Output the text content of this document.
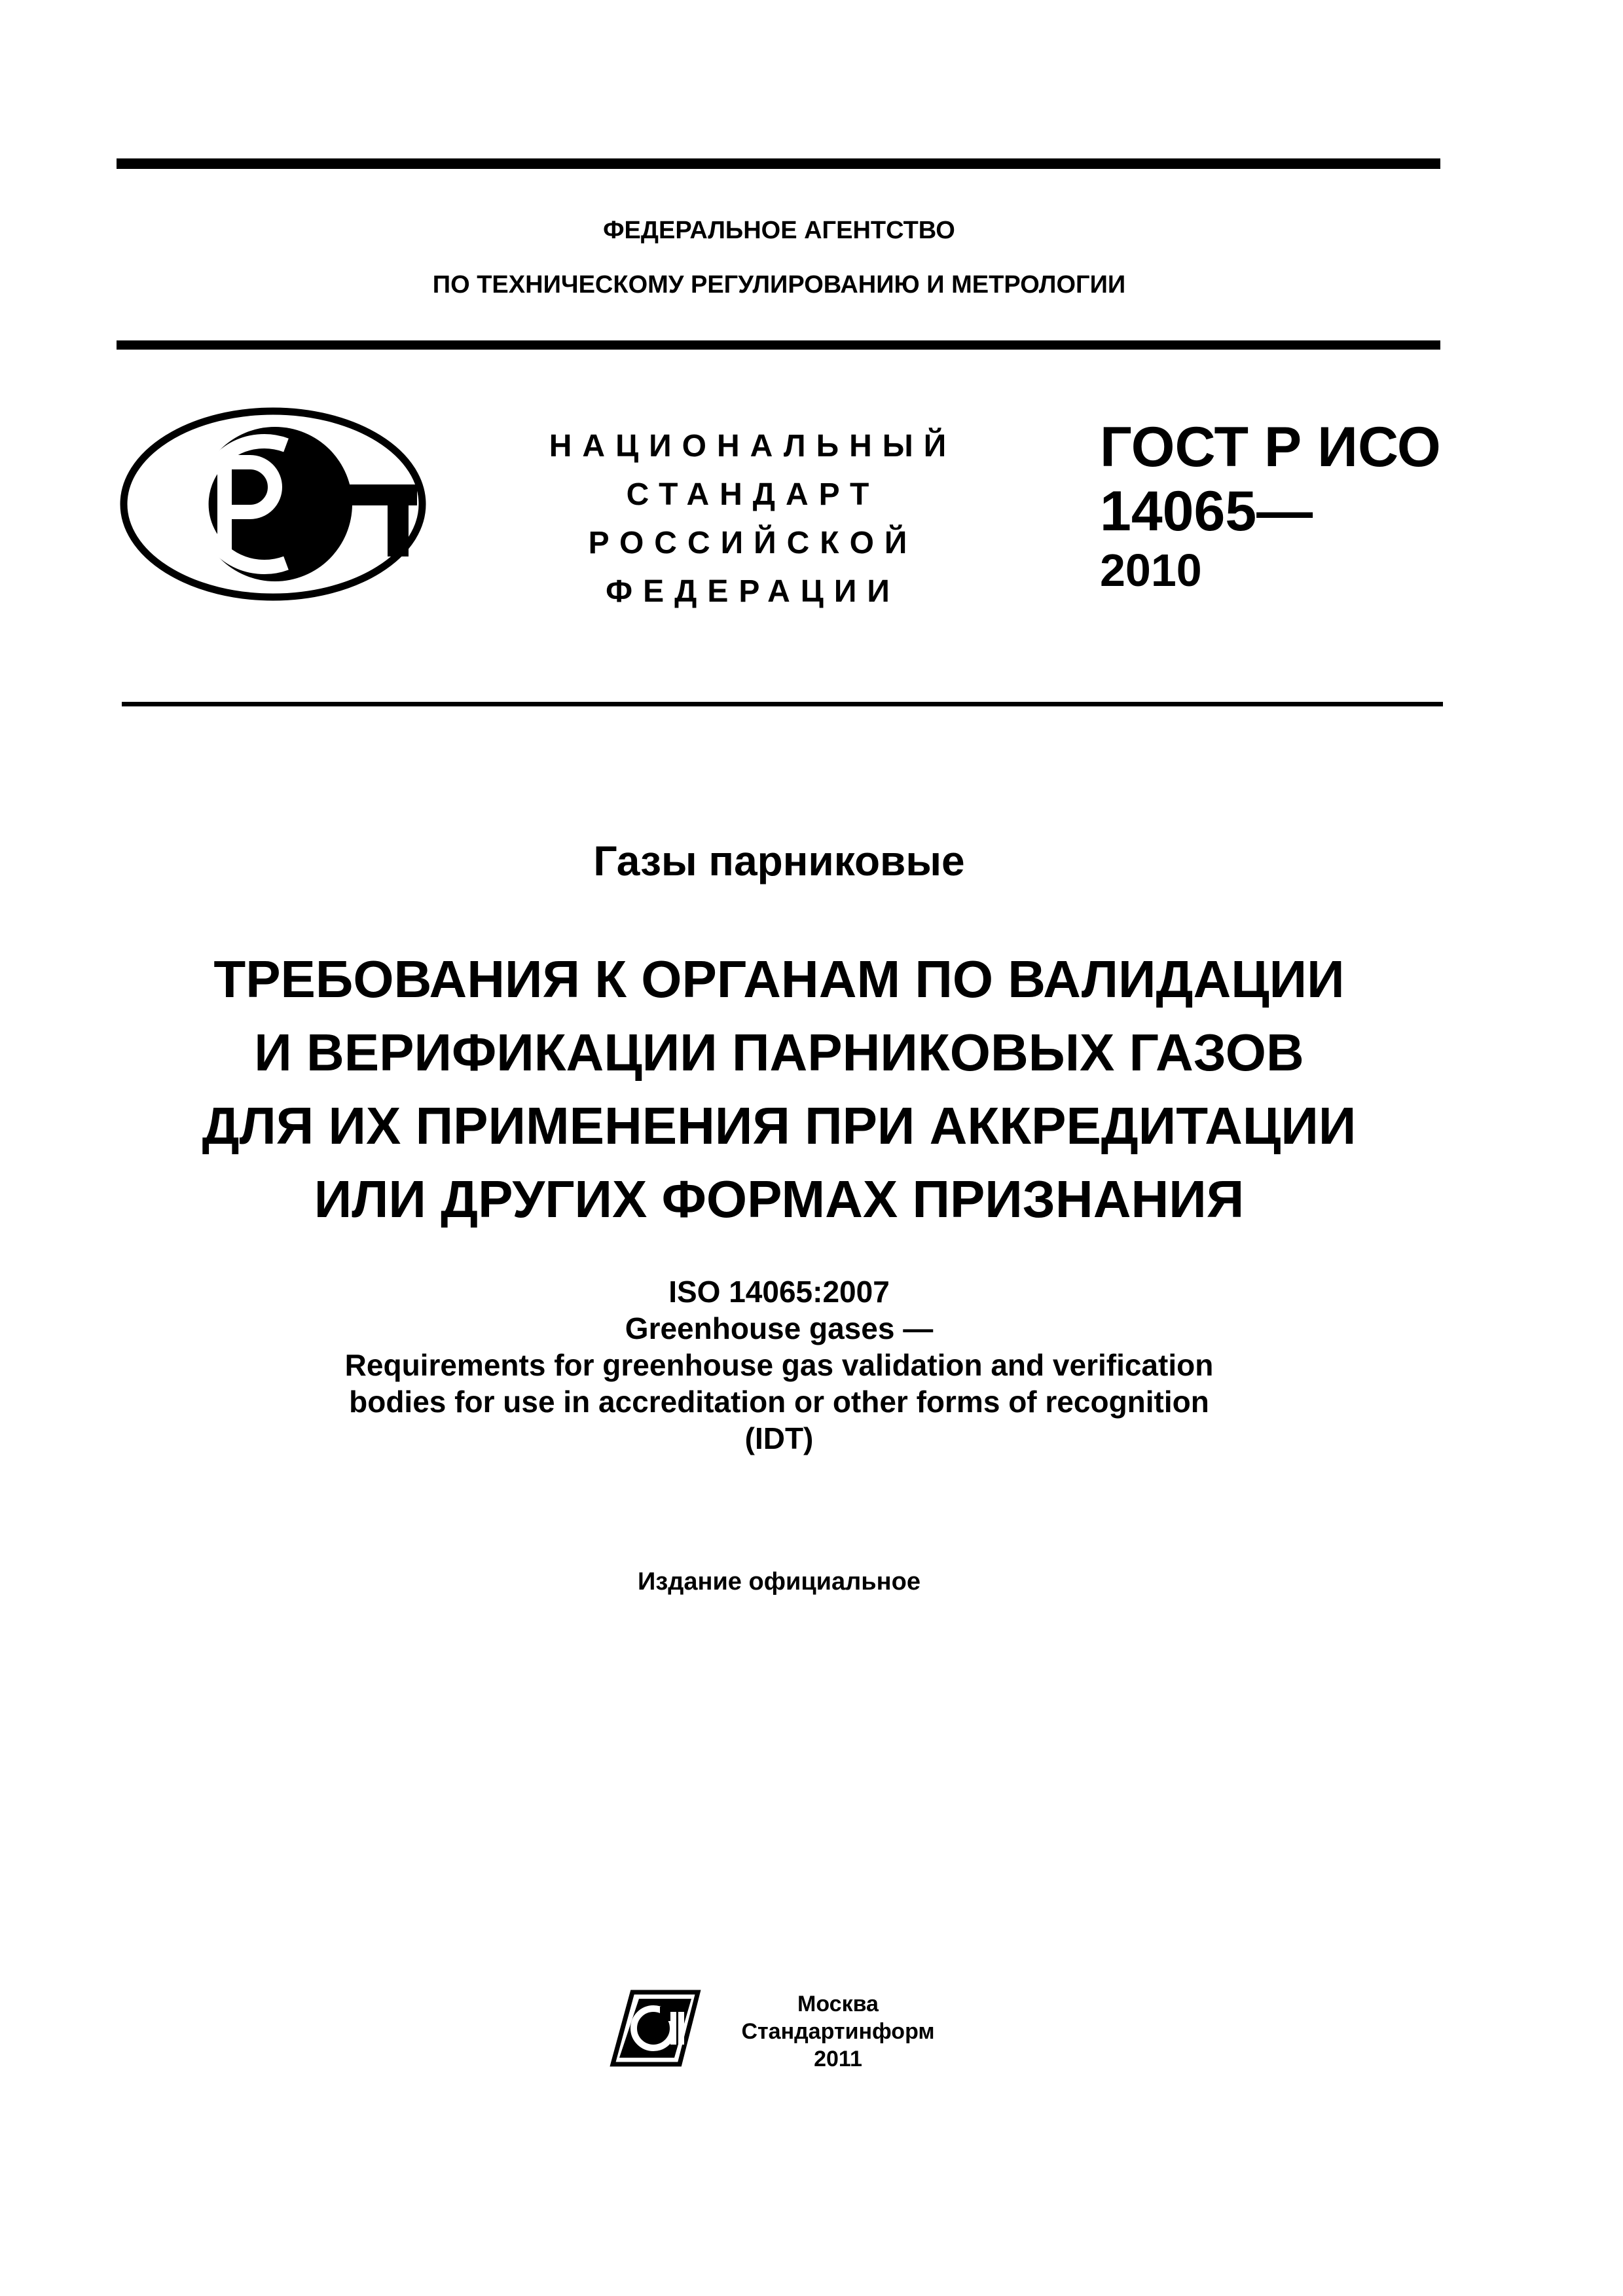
ФЕДЕРАЛЬНОЕ АГЕНТСТВО
ПО ТЕХНИЧЕСКОМУ РЕГУЛИРОВАНИЮ И МЕТРОЛОГИИ
РСТ
НАЦИОНАЛЬНЫЙ
СТАНДАРТ
РОССИЙСКОЙ
ФЕДЕРАЦИИ
ГОСТ Р ИСО
14065—
2010
Газы парниковые
ТРЕБОВАНИЯ К ОРГАНАМ ПО ВАЛИДАЦИИ
И ВЕРИФИКАЦИИ ПАРНИКОВЫХ ГАЗОВ
ДЛЯ ИХ ПРИМЕНЕНИЯ ПРИ АККРЕДИТАЦИИ
ИЛИ ДРУГИХ ФОРМАХ ПРИЗНАНИЯ
ISO 14065:2007
Greenhouse gases —
Requirements for greenhouse gas validation and verification
bodies for use in accreditation or other forms of recognition
(IDT)
Издание официальное
СИ
Москва
Стандартинформ
2011
